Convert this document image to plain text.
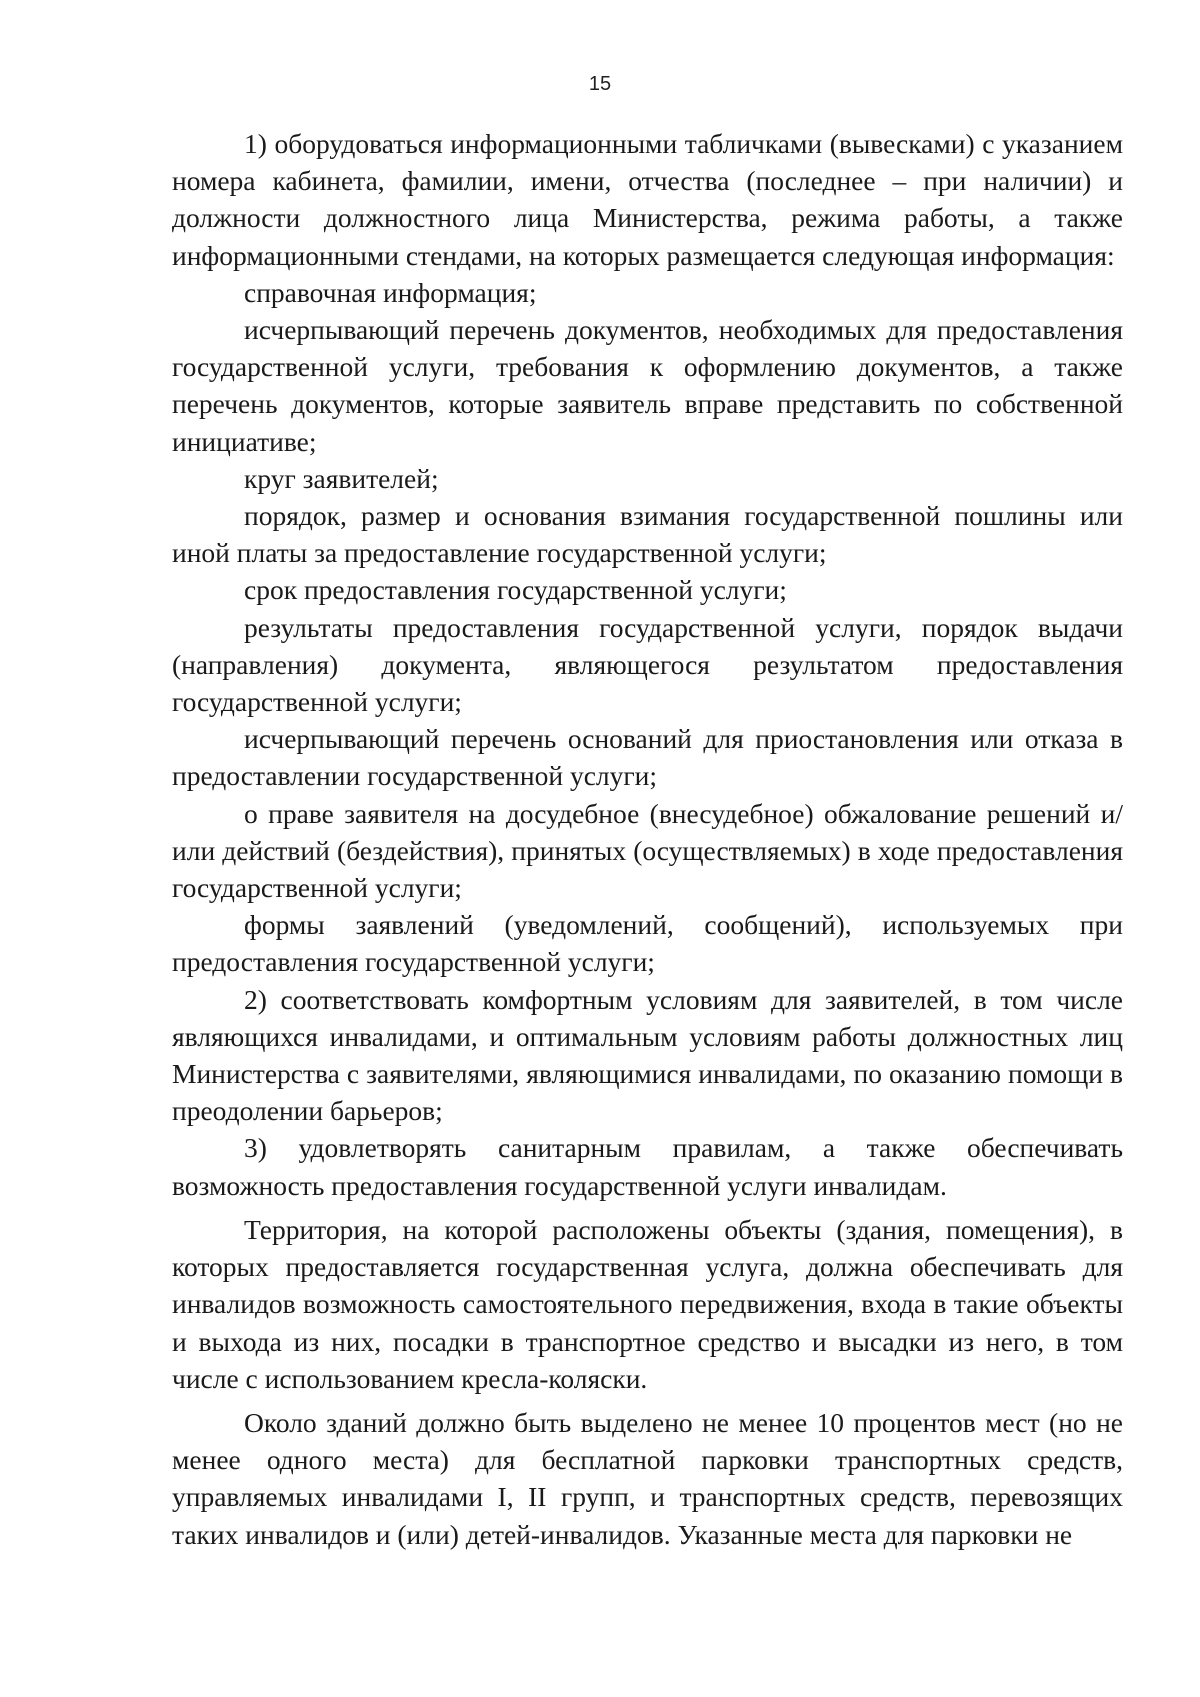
15

1) оборудоваться информационными табличками (вывесками) с указанием номера кабинета, фамилии, имени, отчества (последнее – при наличии) и должности должностного лица Министерства, режима работы, а также информационными стендами, на которых размещается следующая информация:

справочная информация;

исчерпывающий перечень документов, необходимых для предоставления государственной услуги, требования к оформлению документов, а также перечень документов, которые заявитель вправе представить по собственной инициативе;

круг заявителей;

порядок, размер и основания взимания государственной пошлины или иной платы за предоставление государственной услуги;

срок предоставления государственной услуги;

результаты предоставления государственной услуги, порядок выдачи (направления) документа, являющегося результатом предоставления государственной услуги;

исчерпывающий перечень оснований для приостановления или отказа в предоставлении государственной услуги;

о праве заявителя на досудебное (внесудебное) обжалование решений и/или действий (бездействия), принятых (осуществляемых) в ходе предоставления государственной услуги;

формы заявлений (уведомлений, сообщений), используемых при предоставления государственной услуги;

2) соответствовать комфортным условиям для заявителей, в том числе являющихся инвалидами, и оптимальным условиям работы должностных лиц Министерства с заявителями, являющимися инвалидами, по оказанию помощи в преодолении барьеров;

3) удовлетворять санитарным правилам, а также обеспечивать возможность предоставления государственной услуги инвалидам.

Территория, на которой расположены объекты (здания, помещения), в которых предоставляется государственная услуга, должна обеспечивать для инвалидов возможность самостоятельного передвижения, входа в такие объекты и выхода из них, посадки в транспортное средство и высадки из него, в том числе с использованием кресла-коляски.

Около зданий должно быть выделено не менее 10 процентов мест (но не менее одного места) для бесплатной парковки транспортных средств, управляемых инвалидами I, II групп, и транспортных средств, перевозящих таких инвалидов и (или) детей-инвалидов. Указанные места для парковки не
